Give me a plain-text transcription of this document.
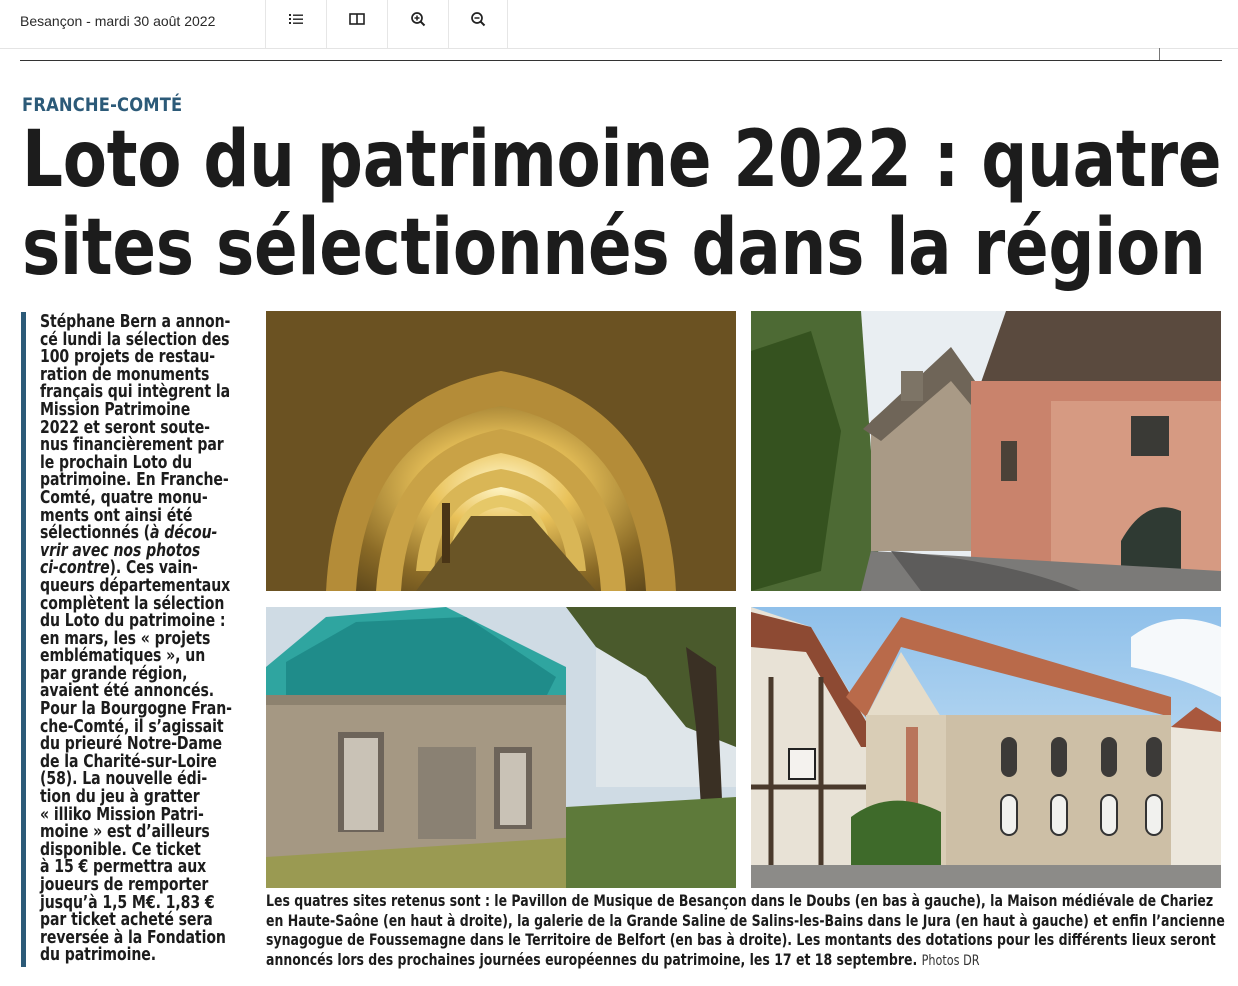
Besançon - mardi 30 août 2022
FRANCHE-COMTÉ
Loto du patrimoine 2022 : quatre
sites sélectionnés dans la région
Stéphane Bern a annon-
cé lundi la sélection des
100 projets de restau-
ration de monuments
français qui intègrent la
Mission Patrimoine
2022 et seront soute-
nus financièrement par
le prochain Loto du
patrimoine. En Franche-
Comté, quatre monu-
ments ont ainsi été
sélectionnés (à décou-
vrir avec nos photos
ci-contre). Ces vain-
queurs départementaux
complètent la sélection
du Loto du patrimoine :
en mars, les « projets
emblématiques », un
par grande région,
avaient été annoncés.
Pour la Bourgogne Fran-
che-Comté, il s’agissait
du prieuré Notre-Dame
de la Charité-sur-Loire
(58). La nouvelle édi-
tion du jeu à gratter
« illiko Mission Patri-
moine » est d’ailleurs
disponible. Ce ticket
à 15 € permettra aux
joueurs de remporter
jusqu’à 1,5 M€. 1,83 €
par ticket acheté sera
reversée à la Fondation
du patrimoine.
Les quatres sites retenus sont : le Pavillon de Musique de Besançon dans le Doubs (en bas à gauche), la Maison médiévale de Chariez
en Haute-Saône (en haut à droite), la galerie de la Grande Saline de Salins-les-Bains dans le Jura (en haut à gauche) et enfin l’ancienne
synagogue de Foussemagne dans le Territoire de Belfort (en bas à droite). Les montants des dotations pour les différents lieux seront
annoncés lors des prochaines journées européennes du patrimoine, les 17 et 18 septembre. Photos DR
